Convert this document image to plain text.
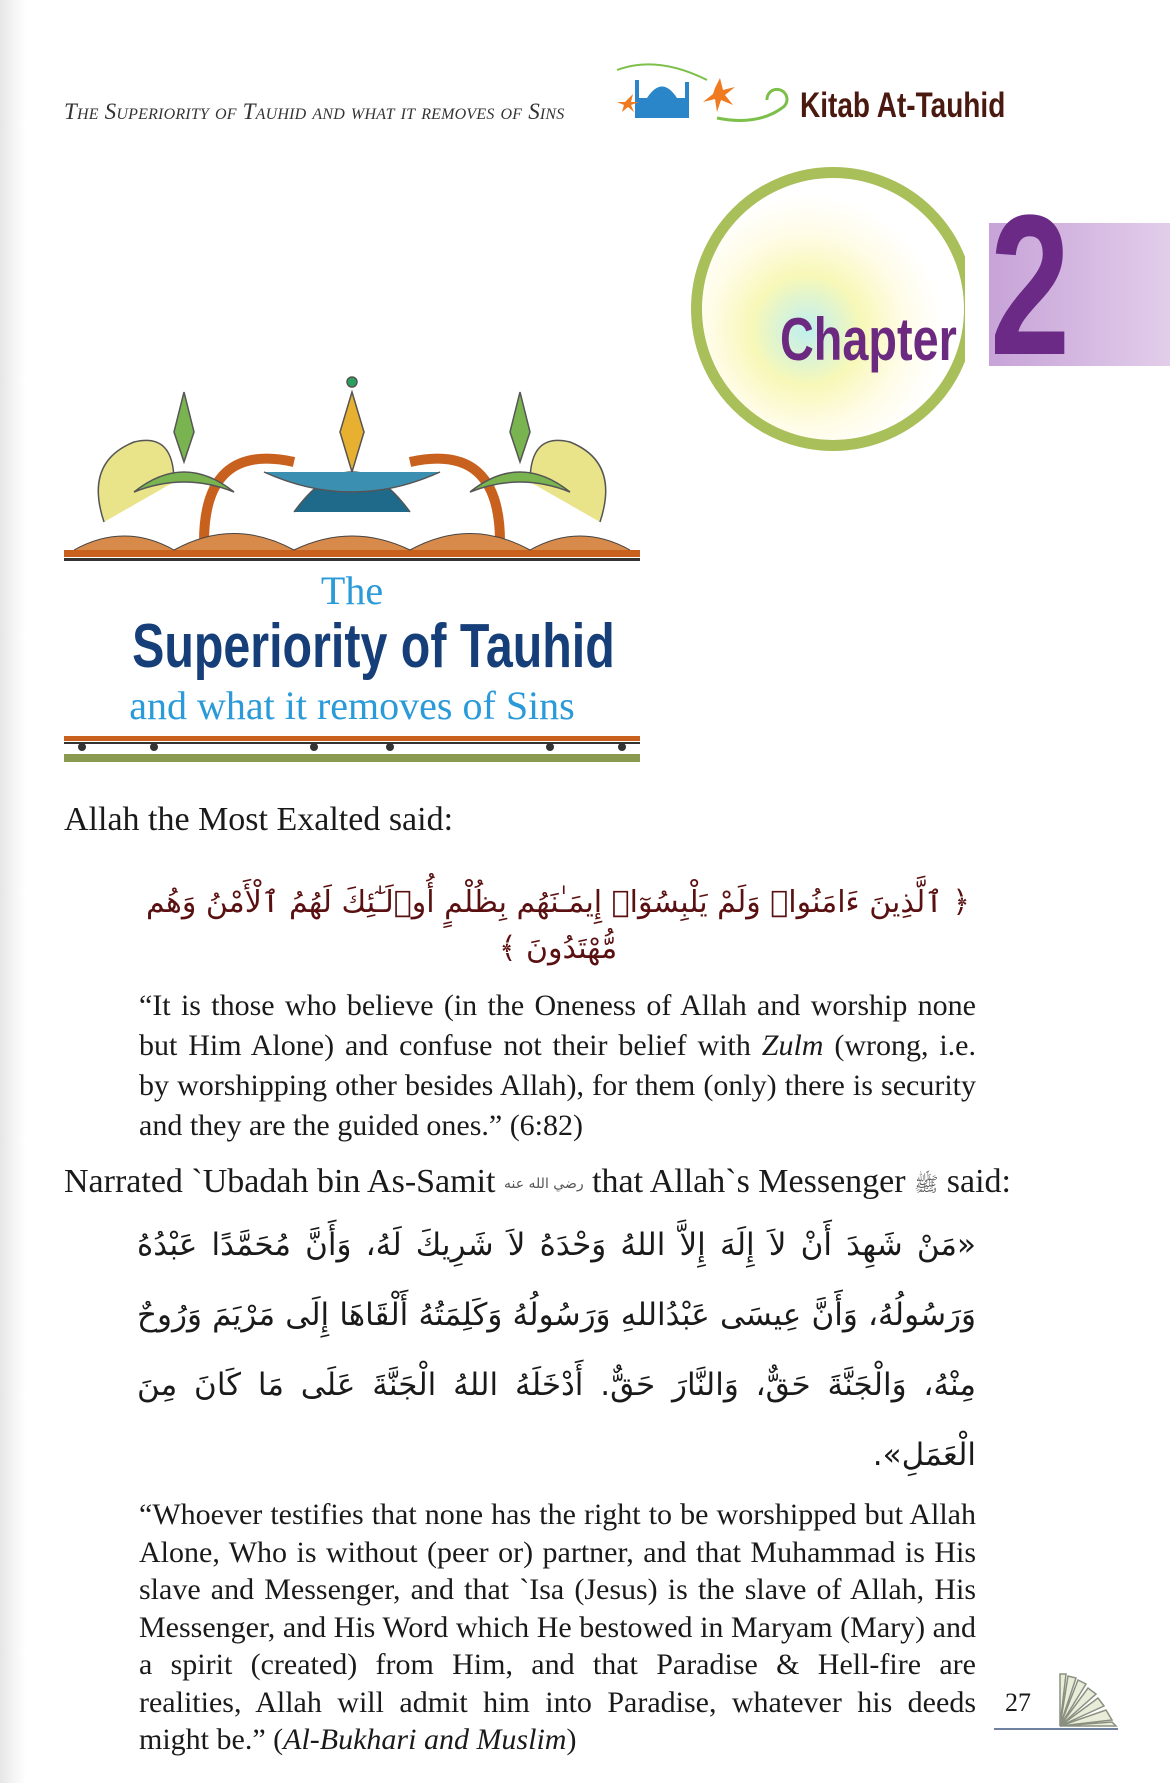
The Superiority of Tauhid and what it removes of Sins	Kitab At-Tauhid
Chapter 2
The
Superiority of Tauhid
and what it removes of Sins
Allah the Most Exalted said:
﴿ ٱلَّذِينَ ءَامَنُوا۟ وَلَمْ يَلْبِسُوٓا۟ إِيمَـٰنَهُم بِظُلْمٍ أُو۟لَـٰٓئِكَ لَهُمُ ٱلْأَمْنُ وَهُم مُّهْتَدُونَ ﴾
“It is those who believe (in the Oneness of Allah and worship none but Him Alone) and confuse not their belief with Zulm (wrong, i.e. by worshipping other besides Allah), for them (only) there is security and they are the guided ones.” (6:82)
Narrated `Ubadah bin As-Samit رضي الله عنه that Allah`s Messenger ﷺ said:
«مَنْ شَهِدَ أَنْ لاَ إِلَهَ إِلاَّ اللهُ وَحْدَهُ لاَ شَرِيكَ لَهُ، وَأَنَّ مُحَمَّدًا عَبْدُهُ وَرَسُولُهُ، وَأَنَّ عِيسَى عَبْدُاللهِ وَرَسُولُهُ وَكَلِمَتُهُ أَلْقَاهَا إِلَى مَرْيَمَ وَرُوحٌ مِنْهُ، وَالْجَنَّةَ حَقٌّ، وَالنَّارَ حَقٌّ. أَدْخَلَهُ اللهُ الْجَنَّةَ عَلَى مَا كَانَ مِنَ الْعَمَلِ».
“Whoever testifies that none has the right to be worshipped but Allah Alone, Who is without (peer or) partner, and that Muhammad is His slave and Messenger, and that `Isa (Jesus) is the slave of Allah, His Messenger, and His Word which He bestowed in Maryam (Mary) and a spirit (created) from Him, and that Paradise & Hell-fire are realities, Allah will admit him into Paradise, whatever his deeds might be.” (Al-Bukhari and Muslim)
27
